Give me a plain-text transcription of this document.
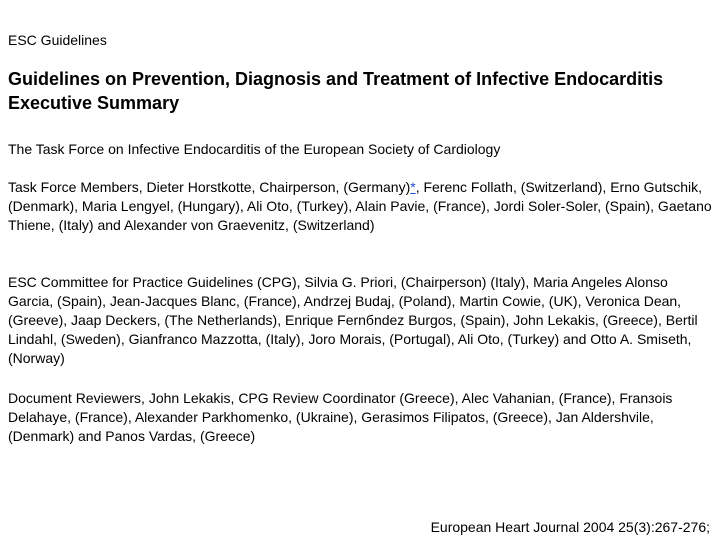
ESC Guidelines
Guidelines on Prevention, Diagnosis and Treatment of Infective Endocarditis Executive Summary
The Task Force on Infective Endocarditis of the European Society of Cardiology
Task Force Members, Dieter Horstkotte, Chairperson, (Germany)*, Ferenc Follath, (Switzerland), Erno Gutschik, (Denmark), Maria Lengyel, (Hungary), Ali Oto, (Turkey), Alain Pavie, (France), Jordi Soler-Soler, (Spain), Gaetano Thiene, (Italy) and Alexander von Graevenitz, (Switzerland)
ESC Committee for Practice Guidelines (CPG), Silvia G. Priori, (Chairperson) (Italy), Maria Angeles Alonso Garcia, (Spain), Jean-Jacques Blanc, (France), Andrzej Budaj, (Poland), Martin Cowie, (UK), Veronica Dean, (Greeve), Jaap Deckers, (The Netherlands), Enrique Fernбndez Burgos, (Spain), John Lekakis, (Greece), Bertil Lindahl, (Sweden), Gianfranco Mazzotta, (Italy), Joro Morais, (Portugal), Ali Oto, (Turkey) and Otto A. Smiseth, (Norway)
Document Reviewers, John Lekakis, CPG Review Coordinator (Greece), Alec Vahanian, (France), Franзois Delahaye, (France), Alexander Parkhomenko, (Ukraine), Gerasimos Filipatos, (Greece), Jan Aldershvile, (Denmark) and Panos Vardas, (Greece)
European Heart Journal 2004 25(3):267-276;
